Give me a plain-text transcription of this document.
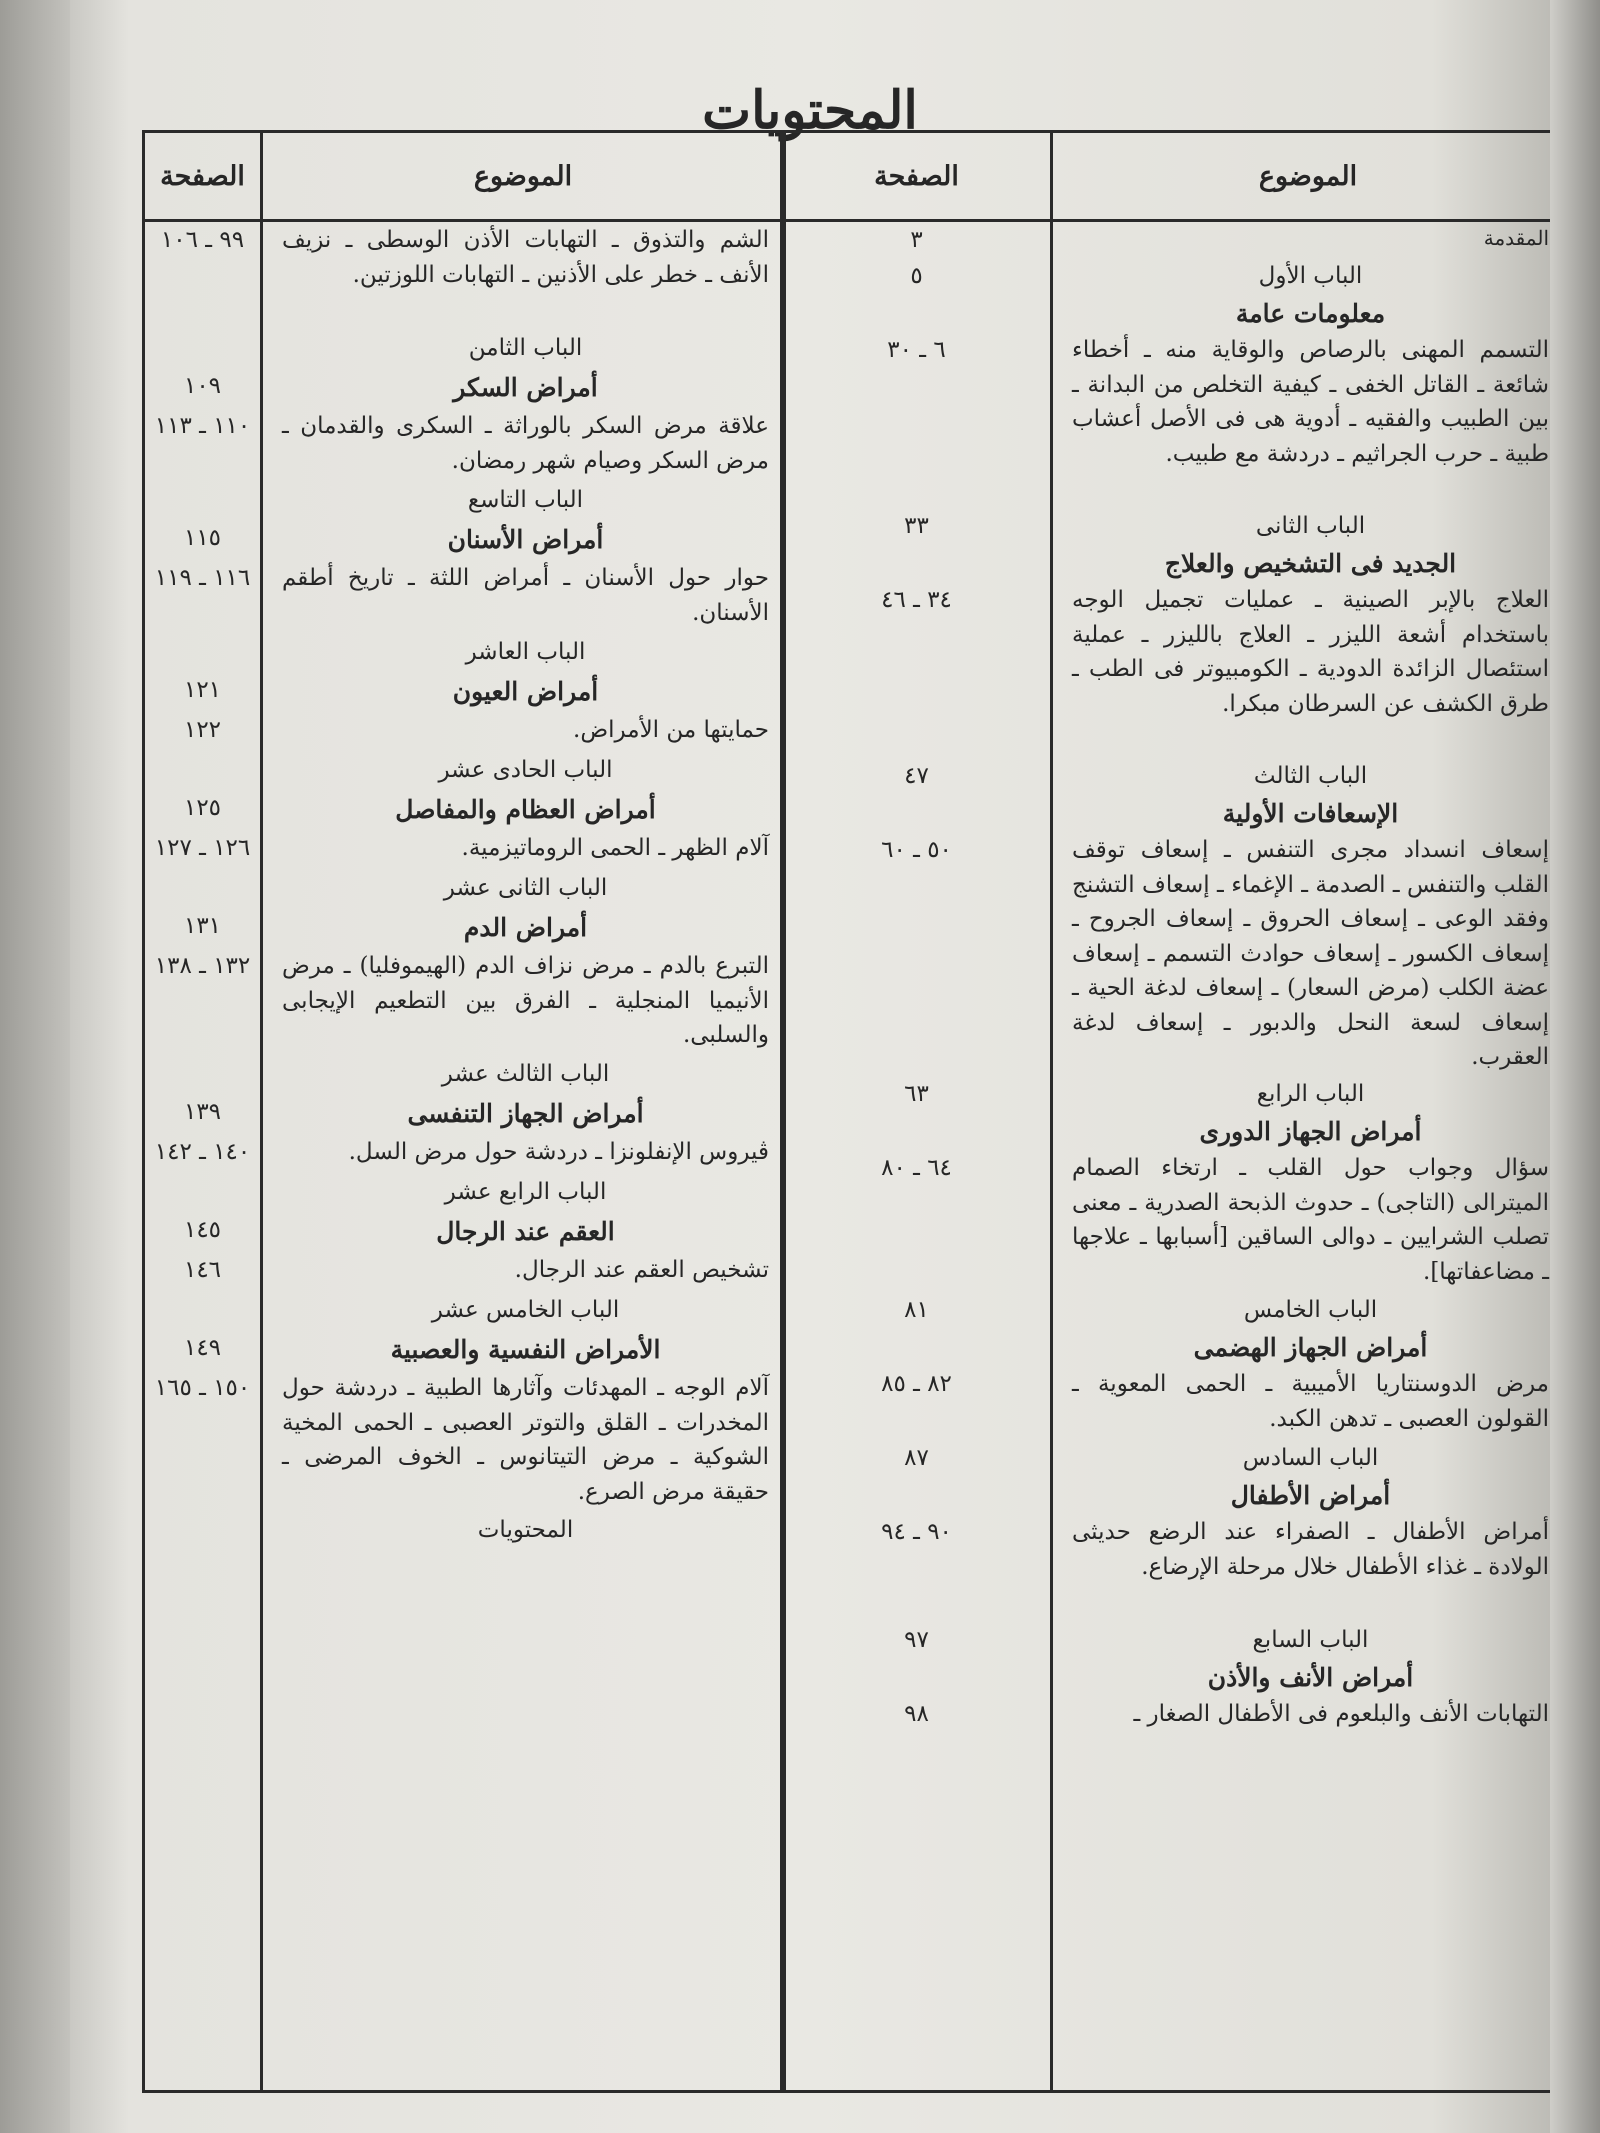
المحتويات
الموضوع
الصفحة
المقدمة
٣
الباب الأول
٥
معلومات عامة
التسمم المهنى بالرصاص والوقاية منه ـ أخطاء شائعة ـ القاتل الخفى ـ كيفية التخلص من البدانة ـ بين الطبيب والفقيه ـ أدوية هى فى الأصل أعشاب طبية ـ حرب الجراثيم ـ دردشة مع طبيب.
٦ ـ ٣٠
الباب الثانى
٣٣
الجديد فى التشخيص والعلاج
العلاج بالإبر الصينية ـ عمليات تجميل الوجه باستخدام أشعة الليزر ـ العلاج بالليزر ـ عملية استئصال الزائدة الدودية ـ الكومبيوتر فى الطب ـ طرق الكشف عن السرطان مبكرا.
٣٤ ـ ٤٦
الباب الثالث
٤٧
الإسعافات الأولية
إسعاف انسداد مجرى التنفس ـ إسعاف توقف القلب والتنفس ـ الصدمة ـ الإغماء ـ إسعاف التشنج وفقد الوعى ـ إسعاف الحروق ـ إسعاف الجروح ـ إسعاف الكسور ـ إسعاف حوادث التسمم ـ إسعاف عضة الكلب (مرض السعار) ـ إسعاف لدغة الحية ـ إسعاف لسعة النحل والدبور ـ إسعاف لدغة العقرب.
٥٠ ـ ٦٠
الباب الرابع
٦٣
أمراض الجهاز الدورى
سؤال وجواب حول القلب ـ ارتخاء الصمام الميترالى (التاجى) ـ حدوث الذبحة الصدرية ـ معنى تصلب الشرايين ـ دوالى الساقين [أسبابها ـ علاجها ـ مضاعفاتها].
٦٤ ـ ٨٠
الباب الخامس
٨١
أمراض الجهاز الهضمى
مرض الدوسنتاريا الأميبية ـ الحمى المعوية ـ القولون العصبى ـ تدهن الكبد.
٨٢ ـ ٨٥
الباب السادس
٨٧
أمراض الأطفال
أمراض الأطفال ـ الصفراء عند الرضع حديثى الولادة ـ غذاء الأطفال خلال مرحلة الإرضاع.
٩٠ ـ ٩٤
الباب السابع
٩٧
أمراض الأنف والأذن
التهابات الأنف والبلعوم فى الأطفال الصغار ـ
٩٨
الموضوع
الصفحة
الشم والتذوق ـ التهابات الأذن الوسطى ـ نزيف الأنف ـ خطر على الأذنين ـ التهابات اللوزتين.
٩٩ ـ ١٠٦
الباب الثامن
أمراض السكر
١٠٩
علاقة مرض السكر بالوراثة ـ السكرى والقدمان ـ مرض السكر وصيام شهر رمضان.
١١٠ ـ ١١٣
الباب التاسع
أمراض الأسنان
١١٥
حوار حول الأسنان ـ أمراض اللثة ـ تاريخ أطقم الأسنان.
١١٦ ـ ١١٩
الباب العاشر
أمراض العيون
١٢١
حمايتها من الأمراض.
١٢٢
الباب الحادى عشر
أمراض العظام والمفاصل
١٢٥
آلام الظهر ـ الحمى الروماتيزمية.
١٢٦ ـ ١٢٧
الباب الثانى عشر
أمراض الدم
١٣١
التبرع بالدم ـ مرض نزاف الدم (الهيموفليا) ـ مرض الأنيميا المنجلية ـ الفرق بين التطعيم الإيجابى والسلبى.
١٣٢ ـ ١٣٨
الباب الثالث عشر
أمراض الجهاز التنفسى
١٣٩
ڤيروس الإنفلونزا ـ دردشة حول مرض السل.
١٤٠ ـ ١٤٢
الباب الرابع عشر
العقم عند الرجال
١٤٥
تشخيص العقم عند الرجال.
١٤٦
الباب الخامس عشر
الأمراض النفسية والعصبية
١٤٩
آلام الوجه ـ المهدئات وآثارها الطبية ـ دردشة حول المخدرات ـ القلق والتوتر العصبى ـ الحمى المخية الشوكية ـ مرض التيتانوس ـ الخوف المرضى ـ حقيقة مرض الصرع.
١٥٠ ـ ١٦٥
المحتويات
